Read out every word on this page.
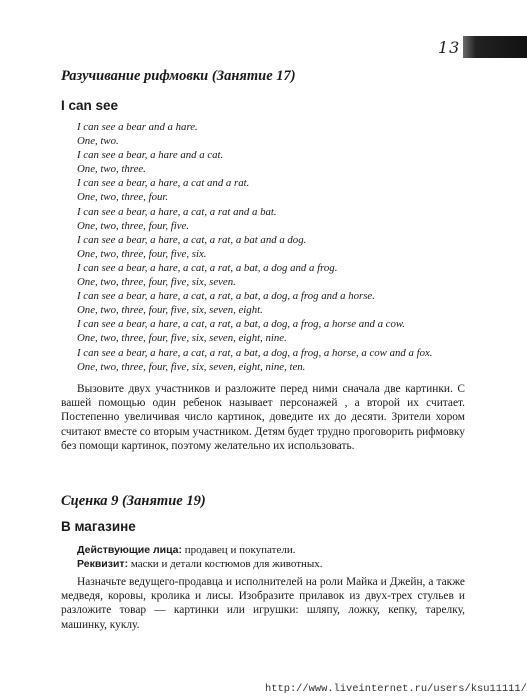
13
Разучивание рифмовки (Занятие 17)
I can see
I can see a bear and a hare.
One, two.
I can see a bear, a hare and a cat.
One, two, three.
I can see a bear, a hare, a cat and a rat.
One, two, three, four.
I can see a bear, a hare, a cat, a rat and a bat.
One, two, three, four, five.
I can see a bear, a hare, a cat, a rat, a bat and a dog.
One, two, three, four, five, six.
I can see a bear, a hare, a cat, a rat, a bat, a dog and a frog.
One, two, three, four, five, six, seven.
I can see a bear, a hare, a cat, a rat, a bat, a dog, a frog and a horse.
One, two, three, four, five, six, seven, eight.
I can see a bear, a hare, a cat, a rat, a bat, a dog, a frog, a horse and a cow.
One, two, three, four, five, six, seven, eight, nine.
I can see a bear, a hare, a cat, a rat, a bat, a dog, a frog, a horse, a cow and a fox.
One, two, three, four, five, six, seven, eight, nine, ten.

Вызовите двух участников и разложите перед ними сначала две картинки. С вашей помощью один ребенок называет персонажей , а второй их считает. Постепенно увеличивая число картинок, доведите их до десяти. Зрители хором считают вместе со вторым участником. Детям будет трудно проговорить рифмовку без помощи картинок, поэтому желательно их использовать.

Сценка 9 (Занятие 19)
В магазине
Действующие лица: продавец и покупатели.
Реквизит: маски и детали костюмов для животных.

Назначьте ведущего-продавца и исполнителей на роли Майка и Джейн, а также медведя, коровы, кролика и лисы. Изобразите прилавок из двух-трех стульев и разложите товар — картинки или игрушки: шляпу, ложку, кепку, тарелку, машинку, куклу.

http://www.liveinternet.ru/users/ksu11111/
